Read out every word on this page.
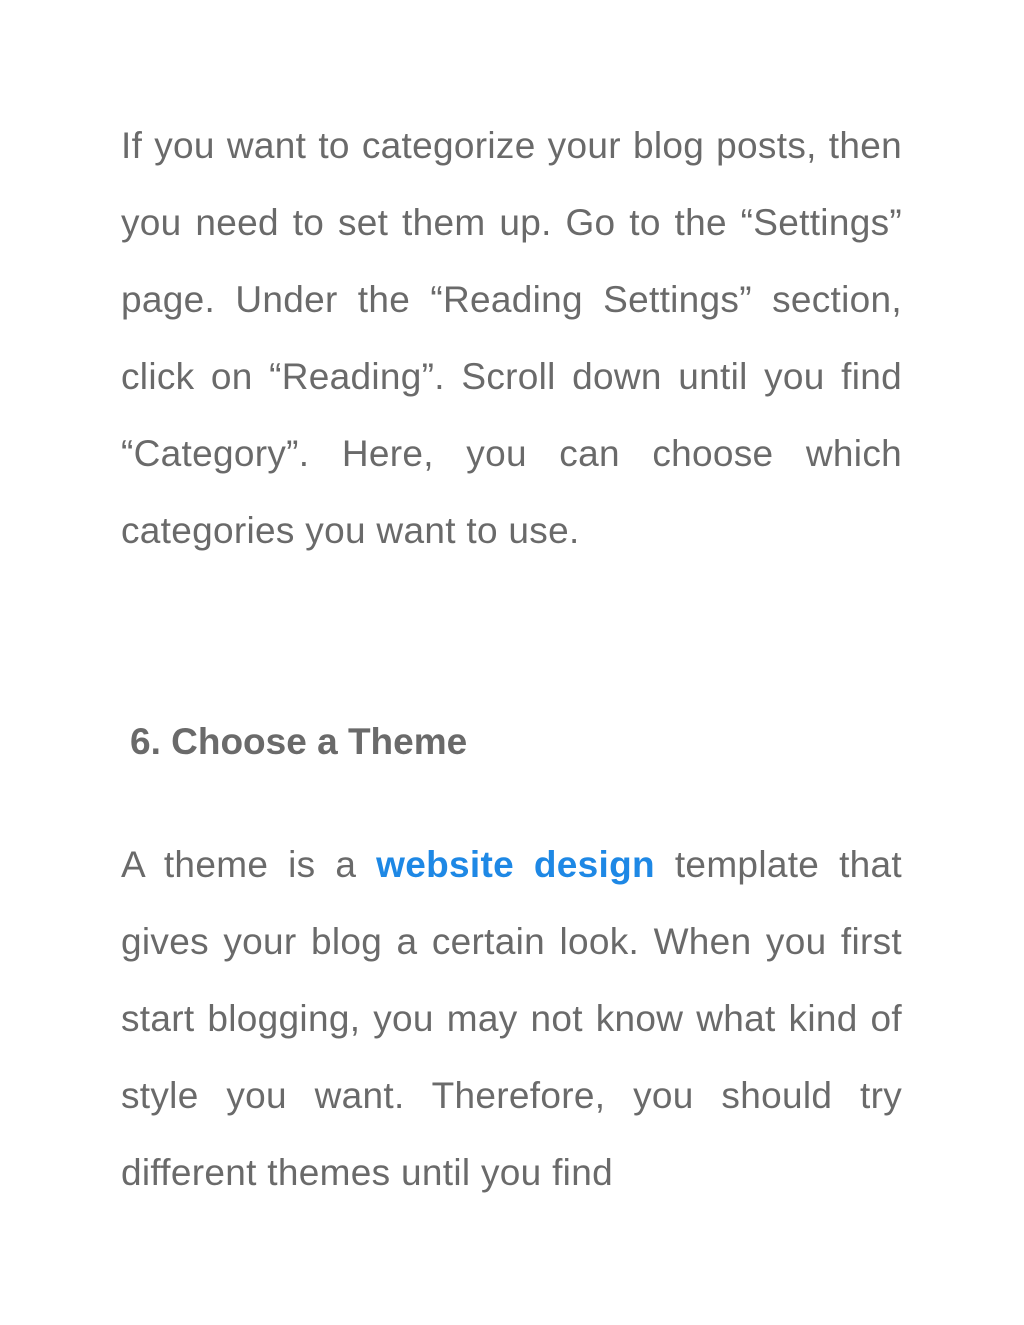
If you want to categorize your blog posts, then you need to set them up. Go to the “Settings” page. Under the “Reading Settings” section, click on “Reading”. Scroll down until you find “Category”. Here, you can choose which categories you want to use.

6. Choose a Theme

A theme is a website design template that gives your blog a certain look. When you first start blogging, you may not know what kind of style you want. Therefore, you should try different themes until you find
